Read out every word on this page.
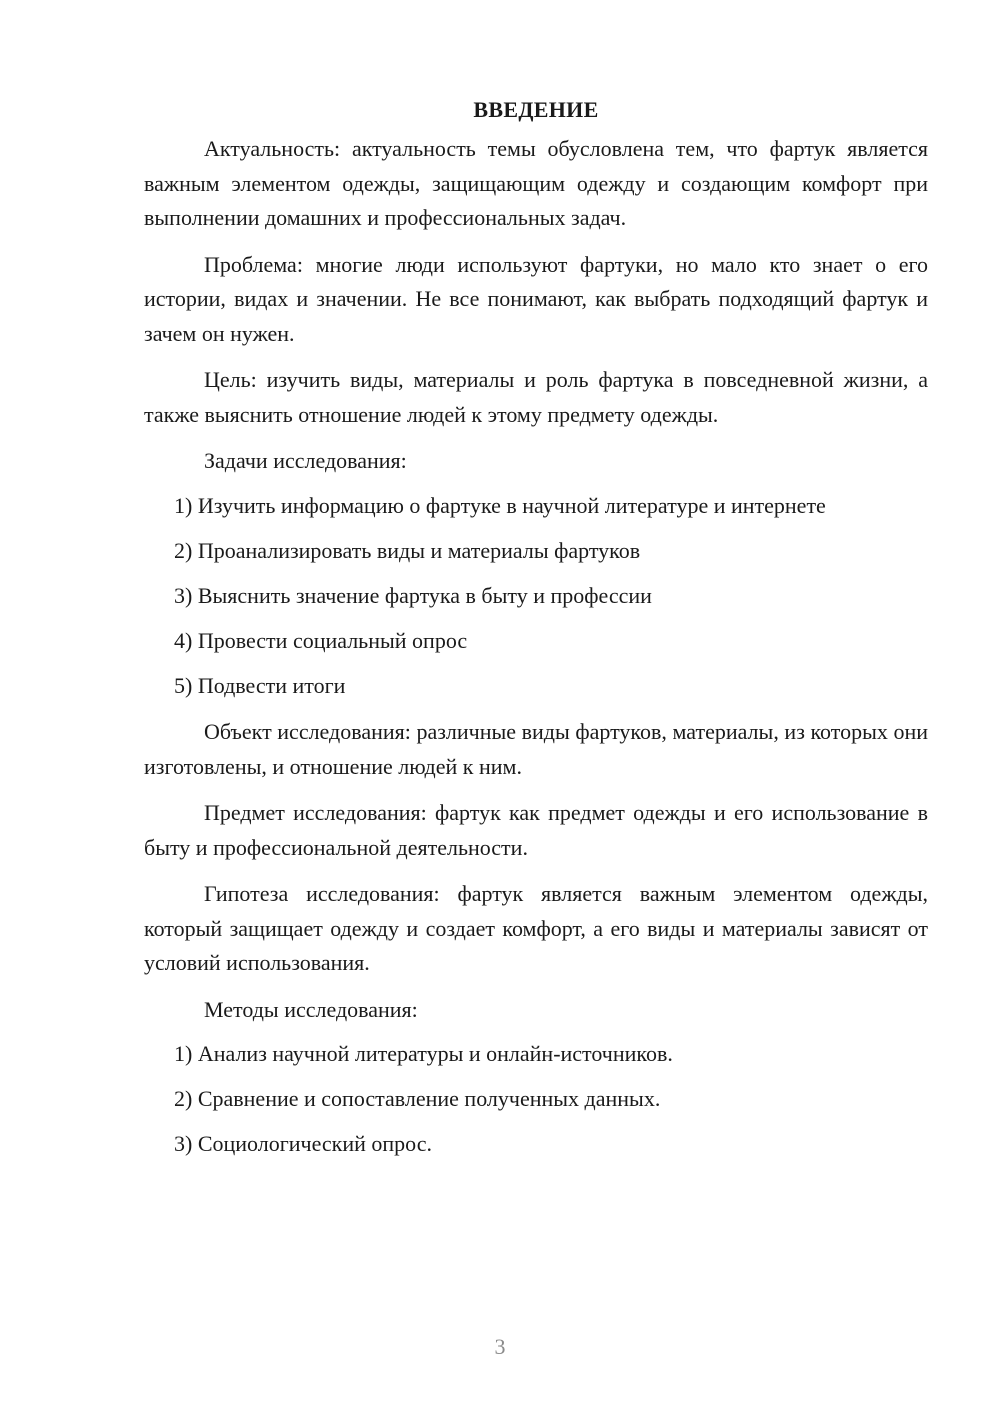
ВВЕДЕНИЕ

Актуальность: актуальность темы обусловлена тем, что фартук является важным элементом одежды, защищающим одежду и создающим комфорт при выполнении домашних и профессиональных задач.

Проблема: многие люди используют фартуки, но мало кто знает о его истории, видах и значении. Не все понимают, как выбрать подходящий фартук и зачем он нужен.

Цель: изучить виды, материалы и роль фартука в повседневной жизни, а также выяснить отношение людей к этому предмету одежды.

Задачи исследования:

1) Изучить информацию о фартуке в научной литературе и интернете
2) Проанализировать виды и материалы фартуков
3) Выяснить значение фартука в быту и профессии
4) Провести социальный опрос
5) Подвести итоги

Объект исследования: различные виды фартуков, материалы, из которых они изготовлены, и отношение людей к ним.

Предмет исследования: фартук как предмет одежды и его использование в быту и профессиональной деятельности.

Гипотеза исследования: фартук является важным элементом одежды, который защищает одежду и создает комфорт, а его виды и материалы зависят от условий использования.

Методы исследования:

1) Анализ научной литературы и онлайн-источников.
2) Сравнение и сопоставление полученных данных.
3) Социологический опрос.
3
